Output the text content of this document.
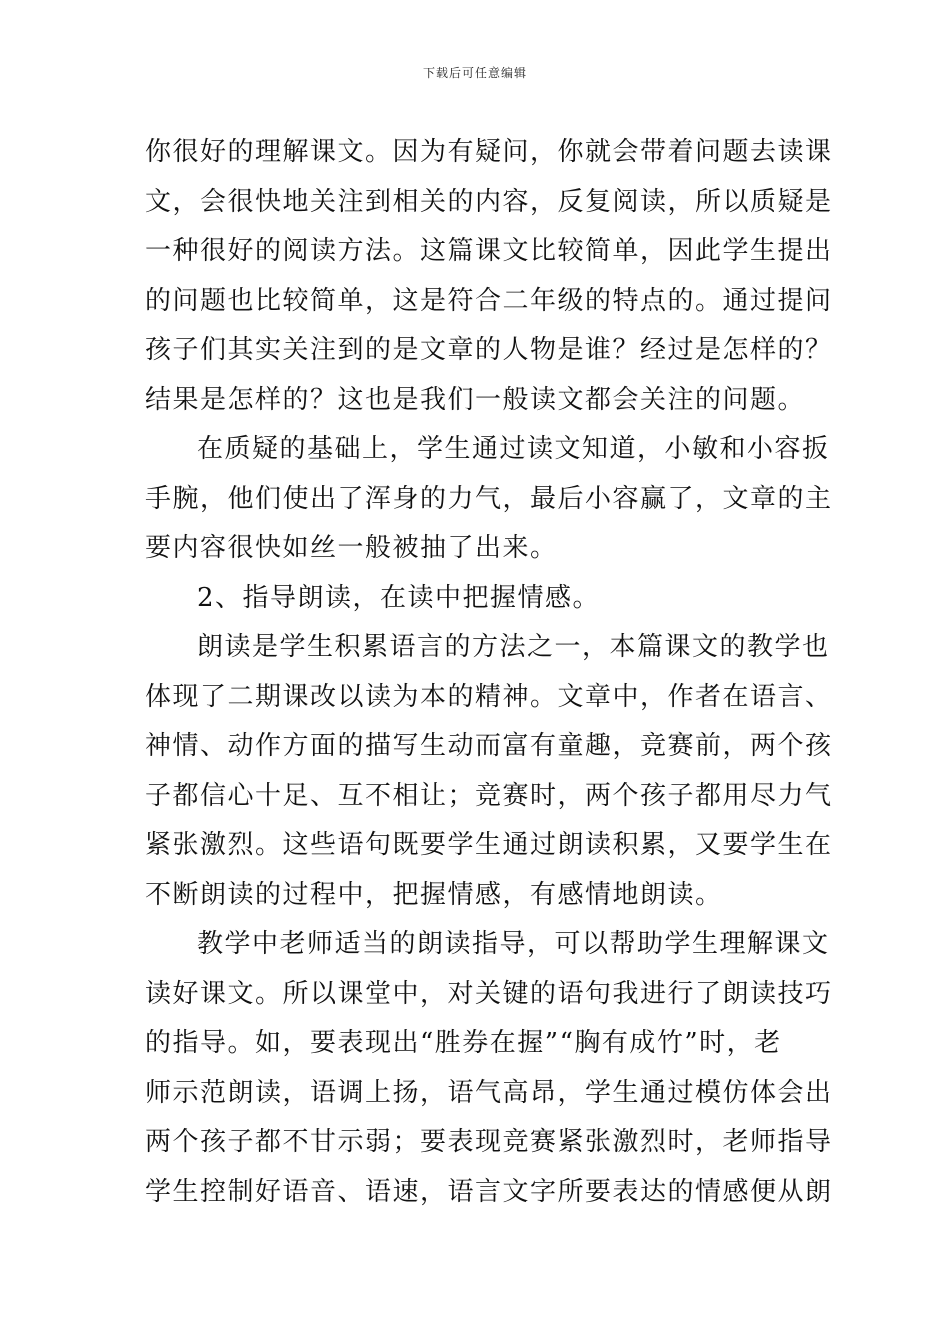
下载后可任意编辑
你很好的理解课文。因为有疑问，你就会带着问题去读课
文，会很快地关注到相关的内容，反复阅读，所以质疑是
一种很好的阅读方法。这篇课文比较简单，因此学生提出
的问题也比较简单，这是符合二年级的特点的。通过提问
孩子们其实关注到的是文章的人物是谁？经过是怎样的？
结果是怎样的？这也是我们一般读文都会关注的问题。
在质疑的基础上，学生通过读文知道，小敏和小容扳
手腕，他们使出了浑身的力气，最后小容赢了，文章的主
要内容很快如丝一般被抽了出来。
2、指导朗读，在读中把握情感。
朗读是学生积累语言的方法之一，本篇课文的教学也
体现了二期课改以读为本的精神。文章中，作者在语言、
神情、动作方面的描写生动而富有童趣，竞赛前，两个孩
子都信心十足、互不相让；竞赛时，两个孩子都用尽力气
紧张激烈。这些语句既要学生通过朗读积累，又要学生在
不断朗读的过程中，把握情感，有感情地朗读。
教学中老师适当的朗读指导，可以帮助学生理解课文
读好课文。所以课堂中，对关键的语句我进行了朗读技巧
的指导。如，要表现出“胜券在握”“胸有成竹”时，老
师示范朗读，语调上扬，语气高昂，学生通过模仿体会出
两个孩子都不甘示弱；要表现竞赛紧张激烈时，老师指导
学生控制好语音、语速，语言文字所要表达的情感便从朗
